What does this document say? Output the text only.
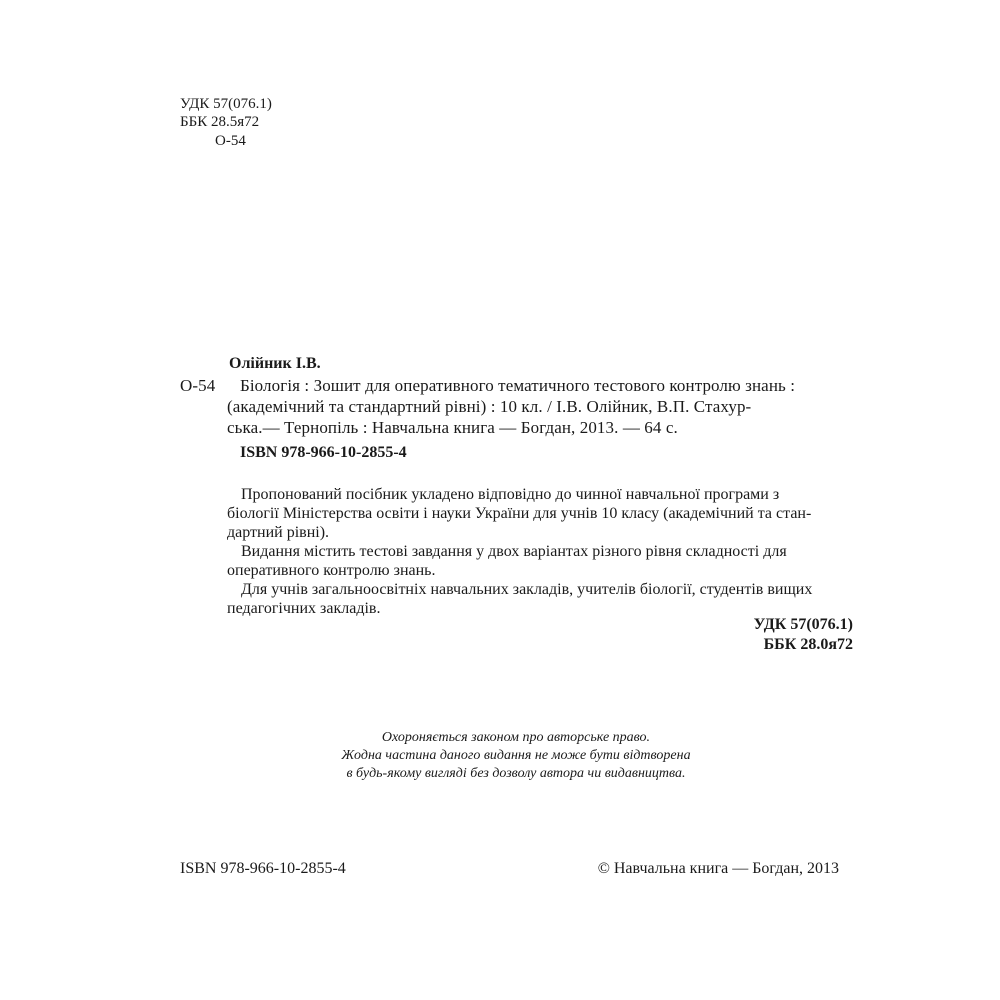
УДК 57(076.1)

ББК 28.5я72

О-54

Олійник І.В.

О-54 Біологія : Зошит для оперативного тематичного тестового контролю знань :

(академічний та стандартний рівні) : 10 кл. / І.В. Олійник, В.П. Стахур-

ська.— Тернопіль : Навчальна книга — Богдан, 2013. — 64 с.

ISBN 978-966-10-2855-4

Пропонований посібник укладено відповідно до чинної навчальної програми з

біології Міністерства освіти і науки України для учнів 10 класу (академічний та стан-

дартний рівні).

Видання містить тестові завдання у двох варіантах різного рівня складності для

оперативного контролю знань.

Для учнів загальноосвітніх навчальних закладів, учителів біології, студентів вищих

педагогічних закладів.

УДК 57(076.1)

ББК 28.0я72

Охороняється законом про авторське право.

Жодна частина даного видання не може бути відтворена

в будь-якому вигляді без дозволу автора чи видавництва.

ISBN 978-966-10-2855-4	© Навчальна книга — Богдан, 2013
